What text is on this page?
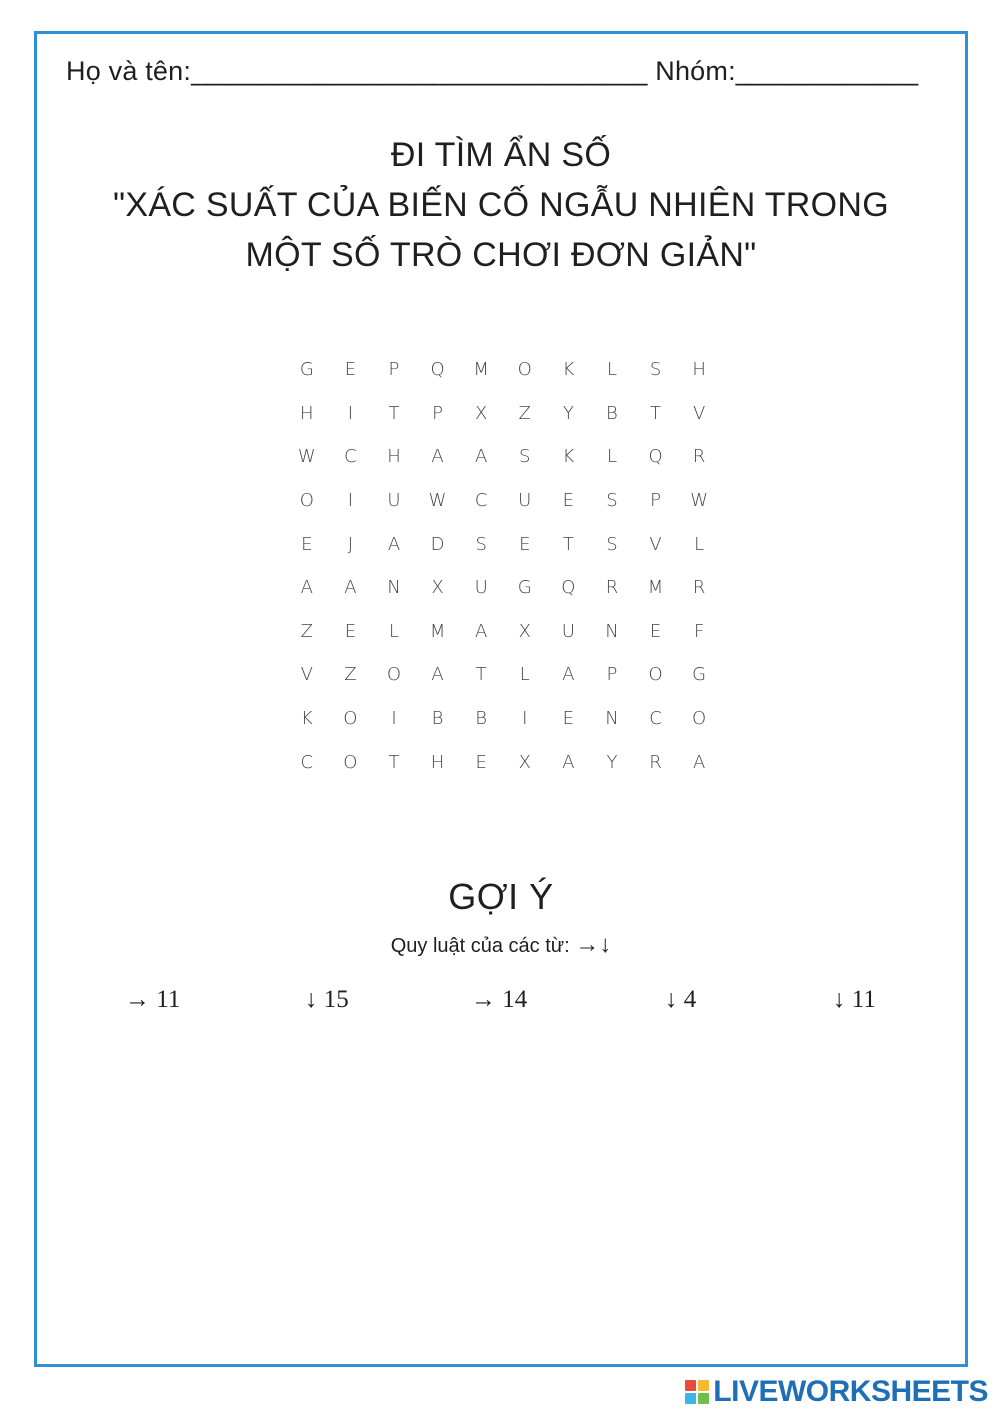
Họ và tên:______________________________ Nhóm:____________
ĐI TÌM ẨN SỐ
"XÁC SUẤT CỦA BIẾN CỐ NGẪU NHIÊN TRONG
MỘT SỐ TRÒ CHƠI ĐƠN GIẢN"
G	E	P	Q	M	O	K	L	S	H
H	I	T	P	X	Z	Y	B	T	V
W	C	H	A	A	S	K	L	Q	R
O	I	U	W	C	U	E	S	P	W
E	J	A	D	S	E	T	S	V	L
A	A	N	X	U	G	Q	R	M	R
Z	E	L	M	A	X	U	N	E	F
V	Z	O	A	T	L	A	P	O	G
K	O	I	B	B	I	E	N	C	O
C	O	T	H	E	X	A	Y	R	A
GỢI Ý
Quy luật của các từ: →↓
→ 11	↓ 15	→ 14	↓ 4	↓ 11
LIVEWORKSHEETS
